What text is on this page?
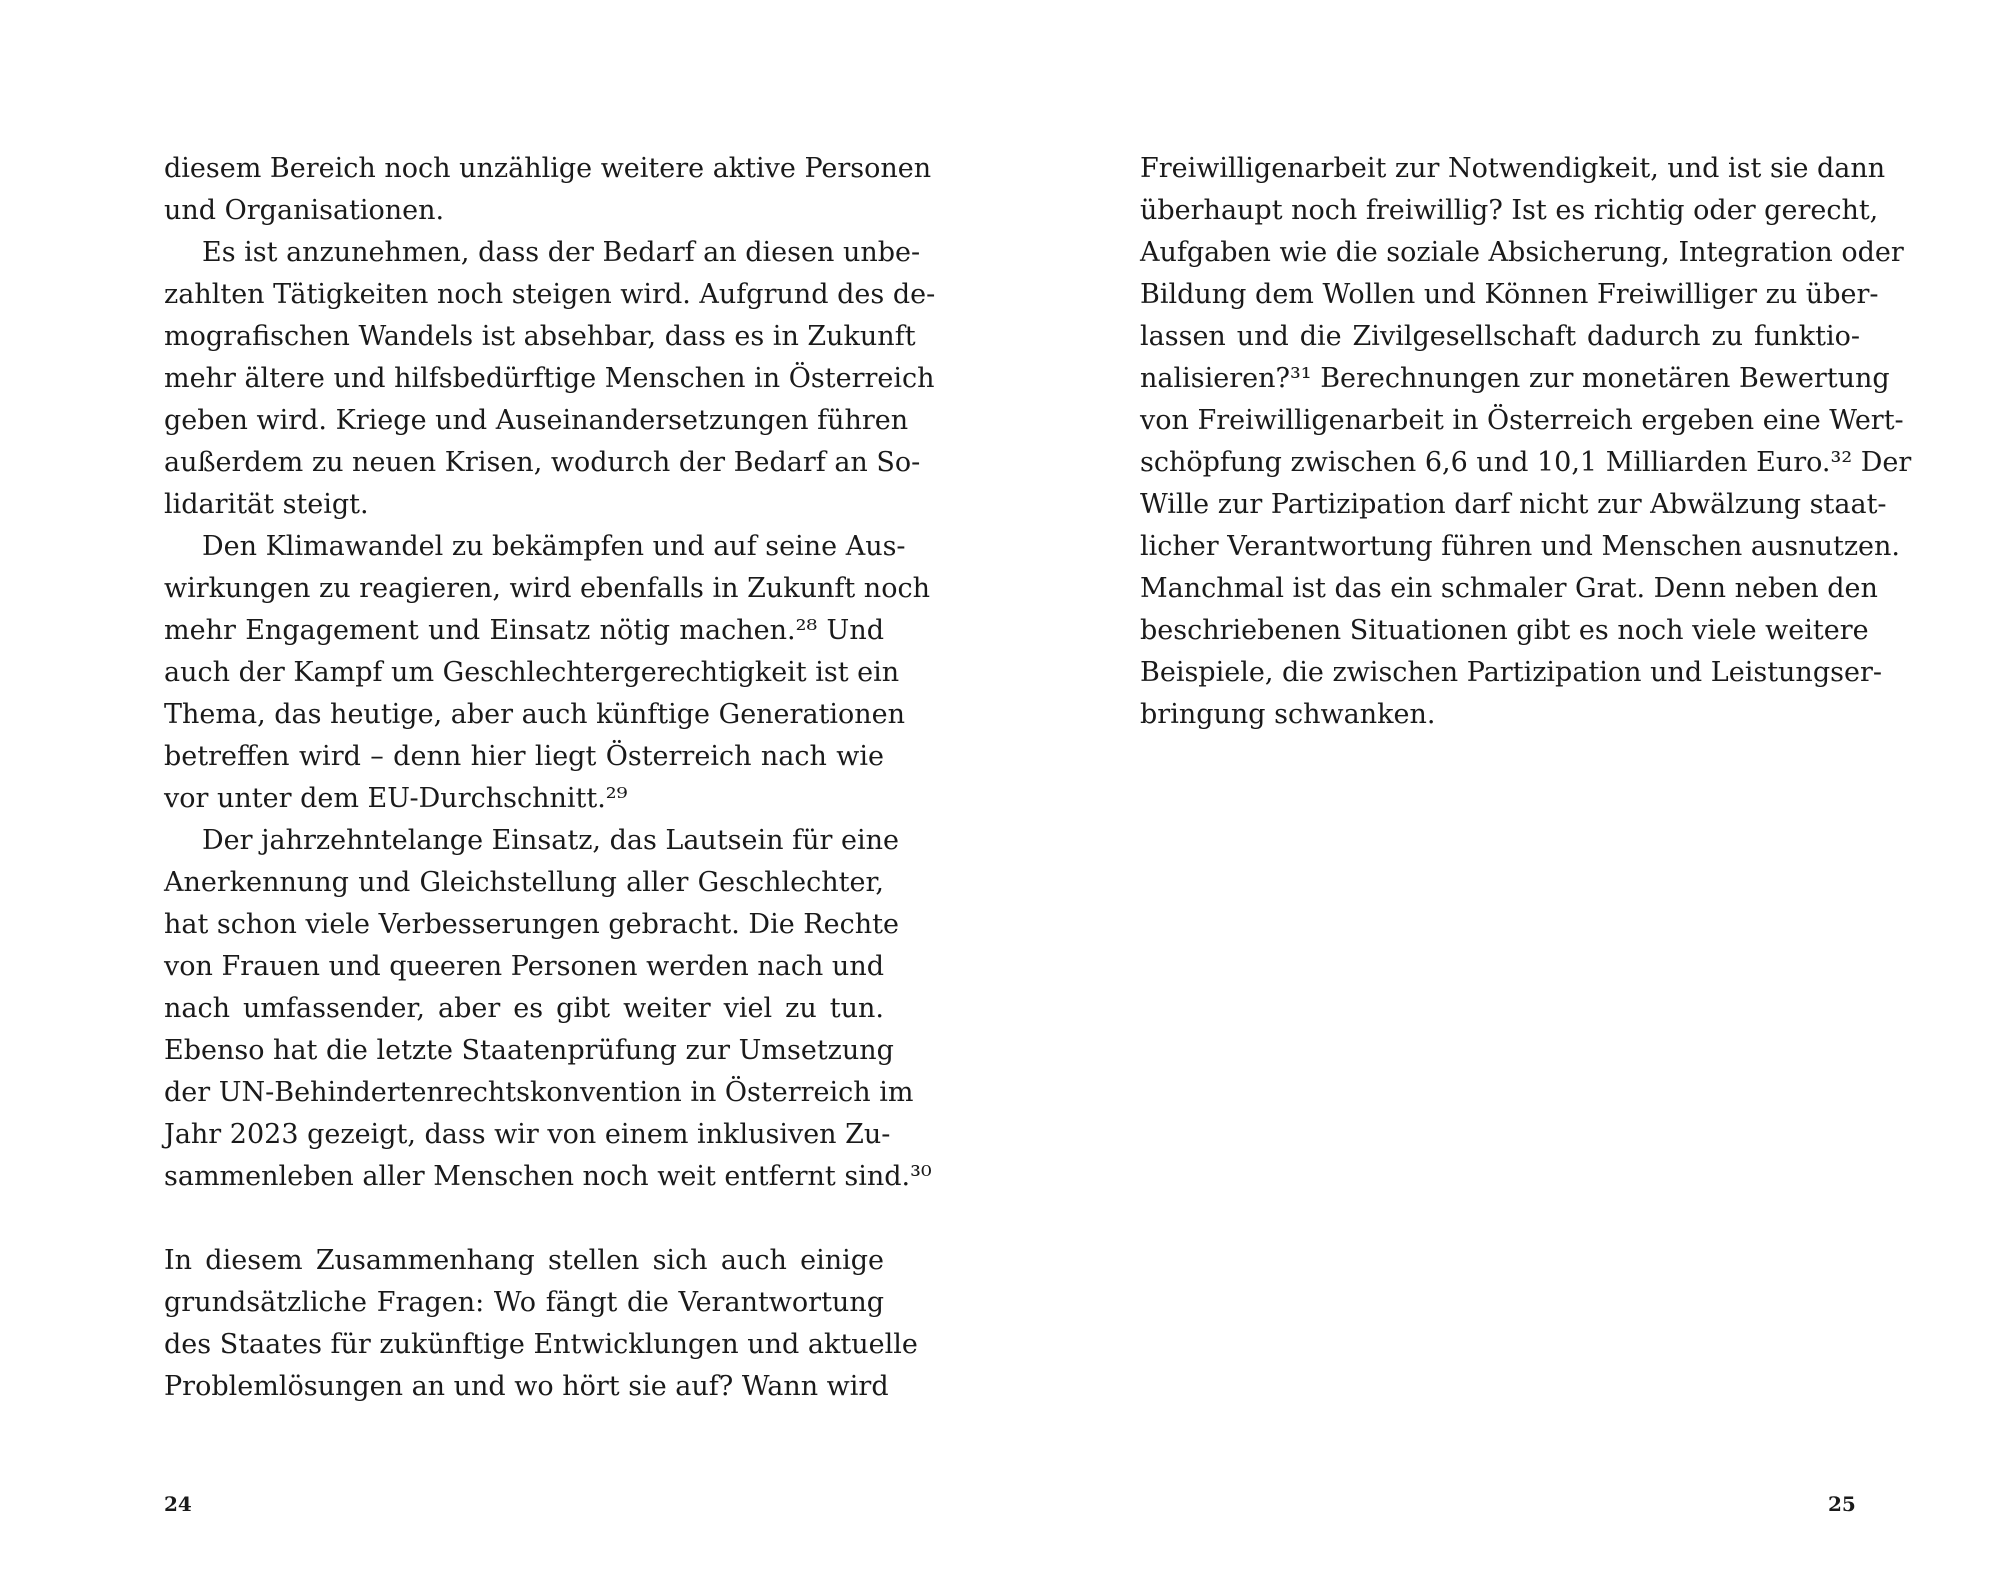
diesem Bereich noch unzählige weitere aktive Personen
und Organisationen.
Es ist anzunehmen, dass der Bedarf an diesen unbe-
zahlten Tätigkeiten noch steigen wird. Aufgrund des de-
mografischen Wandels ist absehbar, dass es in Zukunft
mehr ältere und hilfsbedürftige Menschen in Österreich
geben wird. Kriege und Auseinandersetzungen führen
außerdem zu neuen Krisen, wodurch der Bedarf an So-
lidarität steigt.
Den Klimawandel zu bekämpfen und auf seine Aus-
wirkungen zu reagieren, wird ebenfalls in Zukunft noch
mehr Engagement und Einsatz nötig machen.²⁸ Und
auch der Kampf um Geschlechtergerechtigkeit ist ein
Thema, das heutige, aber auch künftige Generationen
betreffen wird – denn hier liegt Österreich nach wie
vor unter dem EU-Durchschnitt.²⁹
Der jahrzehntelange Einsatz, das Lautsein für eine
Anerkennung und Gleichstellung aller Geschlechter,
hat schon viele Verbesserungen gebracht. Die Rechte
von Frauen und queeren Personen werden nach und
nach umfassender, aber es gibt weiter viel zu tun.
Ebenso hat die letzte Staatenprüfung zur Umsetzung
der UN-Behindertenrechtskonvention in Österreich im
Jahr 2023 gezeigt, dass wir von einem inklusiven Zu-
sammenleben aller Menschen noch weit entfernt sind.³⁰
In diesem Zusammenhang stellen sich auch einige
grundsätzliche Fragen: Wo fängt die Verantwortung
des Staates für zukünftige Entwicklungen und aktuelle
Problemlösungen an und wo hört sie auf? Wann wird
24
Freiwilligenarbeit zur Notwendigkeit, und ist sie dann
überhaupt noch freiwillig? Ist es richtig oder gerecht,
Aufgaben wie die soziale Absicherung, Integration oder
Bildung dem Wollen und Können Freiwilliger zu über-
lassen und die Zivilgesellschaft dadurch zu funktio-
nalisieren?³¹ Berechnungen zur monetären Bewertung
von Freiwilligenarbeit in Österreich ergeben eine Wert-
schöpfung zwischen 6,6 und 10,1 Milliarden Euro.³² Der
Wille zur Partizipation darf nicht zur Abwälzung staat-
licher Verantwortung führen und Menschen ausnutzen.
Manchmal ist das ein schmaler Grat. Denn neben den
beschriebenen Situationen gibt es noch viele weitere
Beispiele, die zwischen Partizipation und Leistungser-
bringung schwanken.
25
